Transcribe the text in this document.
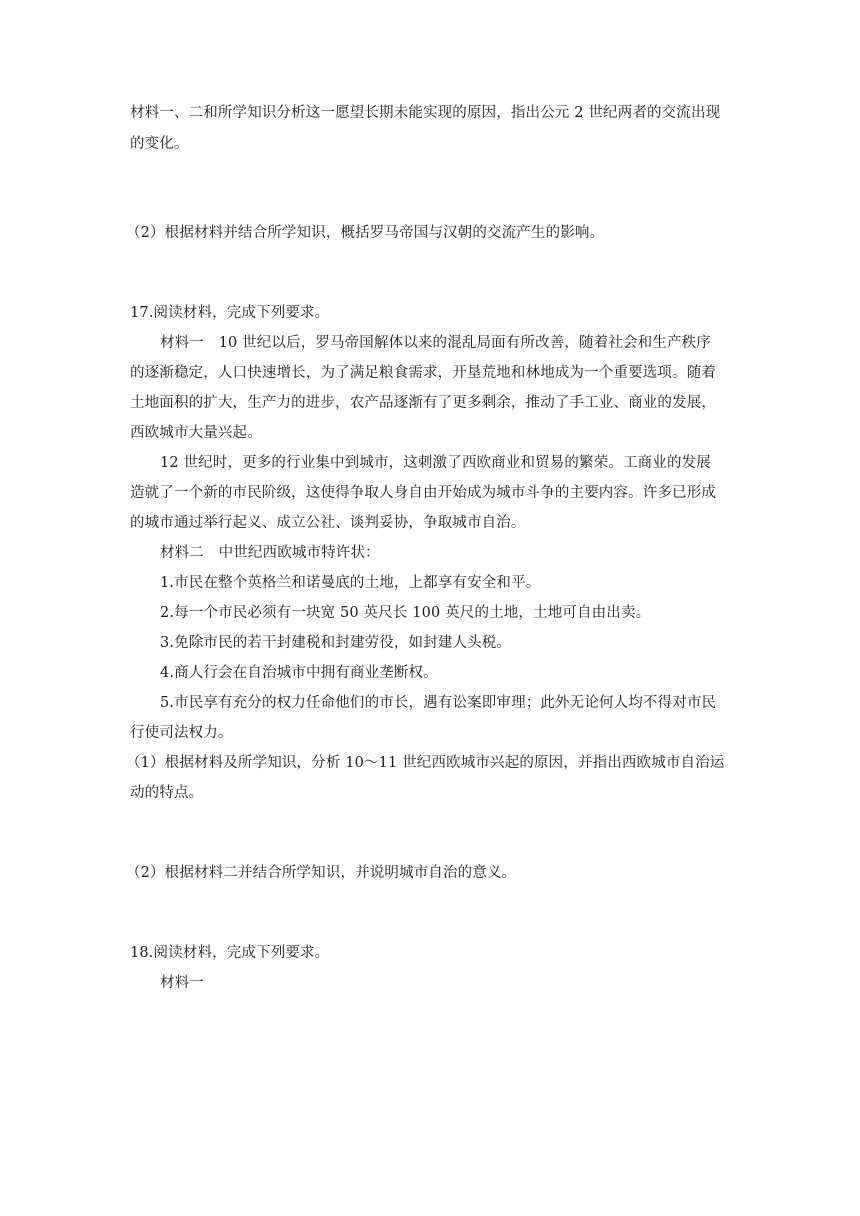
材料一、二和所学知识分析这一愿望长期未能实现的原因，指出公元 2 世纪两者的交流出现
的变化。
（2）根据材料并结合所学知识，概括罗马帝国与汉朝的交流产生的影响。
17.阅读材料，完成下列要求。
材料一　10 世纪以后，罗马帝国解体以来的混乱局面有所改善，随着社会和生产秩序
的逐渐稳定，人口快速增长，为了满足粮食需求，开垦荒地和林地成为一个重要选项。随着
土地面积的扩大，生产力的进步，农产品逐渐有了更多剩余，推动了手工业、商业的发展，
西欧城市大量兴起。
12 世纪时，更多的行业集中到城市，这刺激了西欧商业和贸易的繁荣。工商业的发展
造就了一个新的市民阶级，这使得争取人身自由开始成为城市斗争的主要内容。许多已形成
的城市通过举行起义、成立公社、谈判妥协，争取城市自治。
材料二　中世纪西欧城市特许状：
1.市民在整个英格兰和诺曼底的土地，上都享有安全和平。
2.每一个市民必须有一块宽 50 英尺长 100 英尺的土地，土地可自由出卖。
3.免除市民的若干封建税和封建劳役，如封建人头税。
4.商人行会在自治城市中拥有商业垄断权。
5.市民享有充分的权力任命他们的市长，遇有讼案即审理；此外无论何人均不得对市民
行使司法权力。
（1）根据材料及所学知识，分析 10～11 世纪西欧城市兴起的原因，并指出西欧城市自治运
动的特点。
（2）根据材料二并结合所学知识，并说明城市自治的意义。
18.阅读材料，完成下列要求。
材料一
